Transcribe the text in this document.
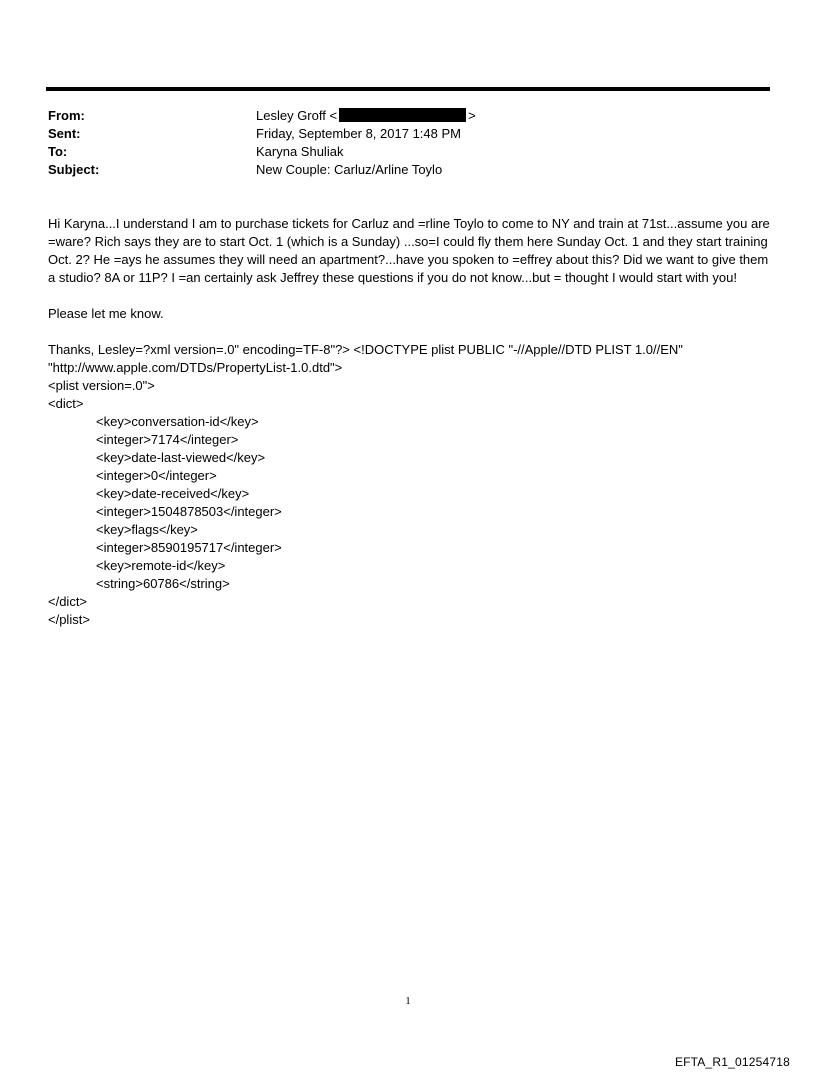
From:	Lesley Groff <	>
Sent:	Friday, September 8, 2017 1:48 PM
To:	Karyna Shuliak
Subject:	New Couple: Carluz/Arline Toylo

Hi Karyna...I understand I am to purchase tickets for Carluz and =rline Toylo to come to NY and train at 71st...assume you are =ware? Rich says they are to start Oct. 1 (which is a Sunday) ...so=I could fly them here Sunday Oct. 1 and they start training Oct. 2? He =ays he assumes they will need an apartment?...have you spoken to =effrey about this? Did we want to give them a studio? 8A or 11P? I =an certainly ask Jeffrey these questions if you do not know...but = thought I would start with you!

Please let me know.

Thanks, Lesley=?xml version=.0" encoding=TF-8"?> <!DOCTYPE plist PUBLIC "-//Apple//DTD PLIST 1.0//EN"
"http://www.apple.com/DTDs/PropertyList-1.0.dtd">
<plist version=.0">
<dict>
<key>conversation-id</key>
<integer>7174</integer>
<key>date-last-viewed</key>
<integer>0</integer>
<key>date-received</key>
<integer>1504878503</integer>
<key>flags</key>
<integer>8590195717</integer>
<key>remote-id</key>
<string>60786</string>
</dict>
</plist>
1
EFTA_R1_01254718
